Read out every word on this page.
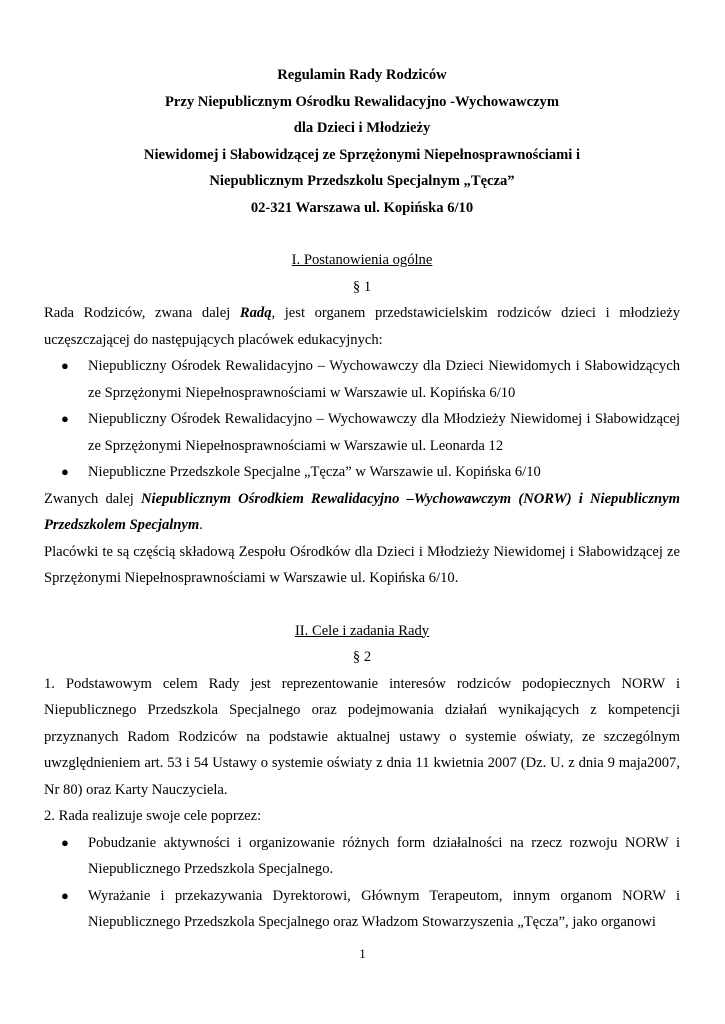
Regulamin Rady Rodziców
Przy Niepublicznym Ośrodku Rewalidacyjno -Wychowawczym
dla Dzieci i Młodzieży
Niewidomej i Słabowidzącej ze Sprzężonymi Niepełnosprawnościami i
Niepublicznym Przedszkolu Specjalnym „Tęcza”
02-321 Warszawa ul. Kopińska 6/10
I. Postanowienia ogólne
§ 1

Rada Rodziców, zwana dalej Radą, jest organem przedstawicielskim rodziców dzieci i młodzieży uczęszczającej do następujących placówek edukacyjnych:

● Niepubliczny Ośrodek Rewalidacyjno – Wychowawczy dla Dzieci Niewidomych i Słabowidzących ze Sprzężonymi Niepełnosprawnościami w Warszawie ul. Kopińska 6/10
● Niepubliczny Ośrodek Rewalidacyjno – Wychowawczy dla Młodzieży Niewidomej i Słabowidzącej ze Sprzężonymi Niepełnosprawnościami w Warszawie ul. Leonarda 12
● Niepubliczne Przedszkole Specjalne „Tęcza” w Warszawie ul. Kopińska 6/10

Zwanych dalej Niepublicznym Ośrodkiem Rewalidacyjno –Wychowawczym (NORW) i Niepublicznym Przedszkolem Specjalnym.

Placówki te są częścią składową Zespołu Ośrodków dla Dzieci i Młodzieży Niewidomej i Słabowidzącej ze Sprzężonymi Niepełnosprawnościami w Warszawie ul. Kopińska 6/10.

II. Cele i zadania Rady
§ 2

1. Podstawowym celem Rady jest reprezentowanie interesów rodziców podopiecznych NORW i Niepublicznego Przedszkola Specjalnego oraz podejmowania działań wynikających z kompetencji przyznanych Radom Rodziców na podstawie aktualnej ustawy o systemie oświaty, ze szczególnym uwzględnieniem art. 53 i 54 Ustawy o systemie oświaty z dnia 11 kwietnia 2007 (Dz. U. z dnia 9 maja2007, Nr 80) oraz Karty Nauczyciela.

2. Rada realizuje swoje cele poprzez:

● Pobudzanie aktywności i organizowanie różnych form działalności na rzecz rozwoju NORW i Niepublicznego Przedszkola Specjalnego.
● Wyrażanie i przekazywania Dyrektorowi, Głównym Terapeutom, innym organom NORW i Niepublicznego Przedszkola Specjalnego oraz Władzom Stowarzyszenia „Tęcza”, jako organowi
1
